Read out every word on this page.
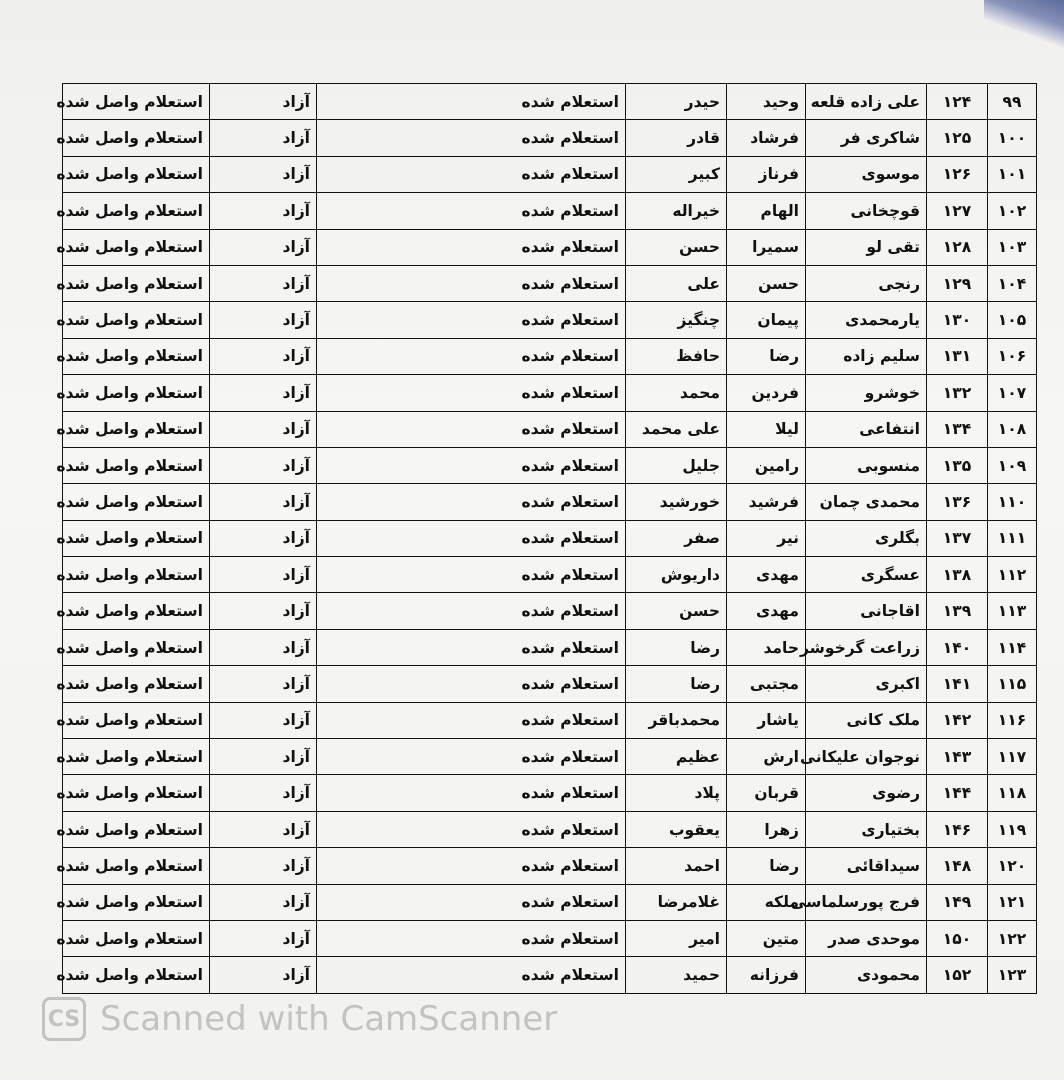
۹۹	۱۲۴	علی زاده قلعه	وحید	حیدر	استعلام شده	آزاد	استعلام واصل شده
۱۰۰	۱۲۵	شاکری فر	فرشاد	قادر	استعلام شده	آزاد	استعلام واصل شده
۱۰۱	۱۲۶	موسوی	فرناز	کبیر	استعلام شده	آزاد	استعلام واصل شده
۱۰۲	۱۲۷	قوچخانی	الهام	خیراله	استعلام شده	آزاد	استعلام واصل شده
۱۰۳	۱۲۸	تقی لو	سمیرا	حسن	استعلام شده	آزاد	استعلام واصل شده
۱۰۴	۱۲۹	رنجی	حسن	علی	استعلام شده	آزاد	استعلام واصل شده
۱۰۵	۱۳۰	یارمحمدی	پیمان	چنگیز	استعلام شده	آزاد	استعلام واصل شده
۱۰۶	۱۳۱	سلیم زاده	رضا	حافظ	استعلام شده	آزاد	استعلام واصل شده
۱۰۷	۱۳۲	خوشرو	فردین	محمد	استعلام شده	آزاد	استعلام واصل شده
۱۰۸	۱۳۴	انتفاعی	لیلا	علی محمد	استعلام شده	آزاد	استعلام واصل شده
۱۰۹	۱۳۵	منسوبی	رامین	جلیل	استعلام شده	آزاد	استعلام واصل شده
۱۱۰	۱۳۶	محمدی چمان	فرشید	خورشید	استعلام شده	آزاد	استعلام واصل شده
۱۱۱	۱۳۷	بگلری	نیر	صفر	استعلام شده	آزاد	استعلام واصل شده
۱۱۲	۱۳۸	عسگری	مهدی	داریوش	استعلام شده	آزاد	استعلام واصل شده
۱۱۳	۱۳۹	اقاجانی	مهدی	حسن	استعلام شده	آزاد	استعلام واصل شده
۱۱۴	۱۴۰	زراعت گرخوشر	حامد	رضا	استعلام شده	آزاد	استعلام واصل شده
۱۱۵	۱۴۱	اکبری	مجتبی	رضا	استعلام شده	آزاد	استعلام واصل شده
۱۱۶	۱۴۲	ملک کانی	یاشار	محمدباقر	استعلام شده	آزاد	استعلام واصل شده
۱۱۷	۱۴۳	نوجوان علیکانی	ارش	عظیم	استعلام شده	آزاد	استعلام واصل شده
۱۱۸	۱۴۴	رضوی	قربان	پلاد	استعلام شده	آزاد	استعلام واصل شده
۱۱۹	۱۴۶	بختیاری	زهرا	یعقوب	استعلام شده	آزاد	استعلام واصل شده
۱۲۰	۱۴۸	سیداقائی	رضا	احمد	استعلام شده	آزاد	استعلام واصل شده
۱۲۱	۱۴۹	فرج پورسلماسی	ملکه	غلامرضا	استعلام شده	آزاد	استعلام واصل شده
۱۲۲	۱۵۰	موحدی صدر	متین	امیر	استعلام شده	آزاد	استعلام واصل شده
۱۲۳	۱۵۲	محمودی	فرزانه	حمید	استعلام شده	آزاد	استعلام واصل شده
CS Scanned with CamScanner
